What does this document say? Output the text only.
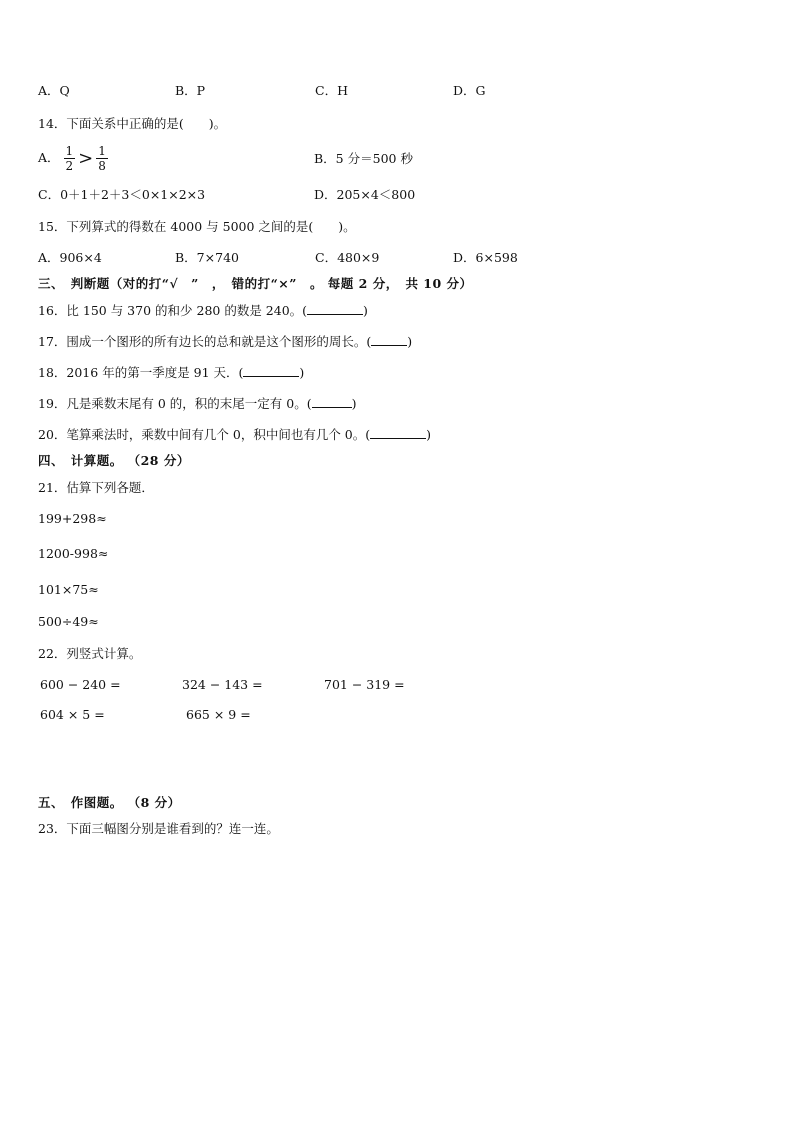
A．Q	B．P	C．H	D．G
14．下面关系中正确的是(　　)。
A． $\frac{1}{2} > \frac{1}{8}$	B．5 分＝500 秒
C．0＋1＋2＋3＜0×1×2×3	D．205×4＜800
15．下列算式的得数在 4000 与 5000 之间的是(　　)。
A．906×4	B．7×740	C．480×9	D．6×598
三、　判断题（对的打“√　”　，　错的打“×”　。 每题 2 分，　共 10 分）
16．比 150 与 370 的和少 280 的数是 240。(	)
17．围成一个图形的所有边长的总和就是这个图形的周长。(	)
18．2016 年的第一季度是 91 天．(	)
19．凡是乘数末尾有 0 的，积的末尾一定有 0。(	)
20．笔算乘法时，乘数中间有几个 0，积中间也有几个 0。(	)
四、　计算题。 （28 分）
21．估算下列各题．
199+298≈
1200-998≈
101×75≈
500÷49≈
22．列竖式计算。
600 − 240 =	324 − 143 =	701 − 319 =
604 × 5 =	665 × 9 =
五、　作图题。 （8 分）
23．下面三幅图分别是谁看到的？连一连。
